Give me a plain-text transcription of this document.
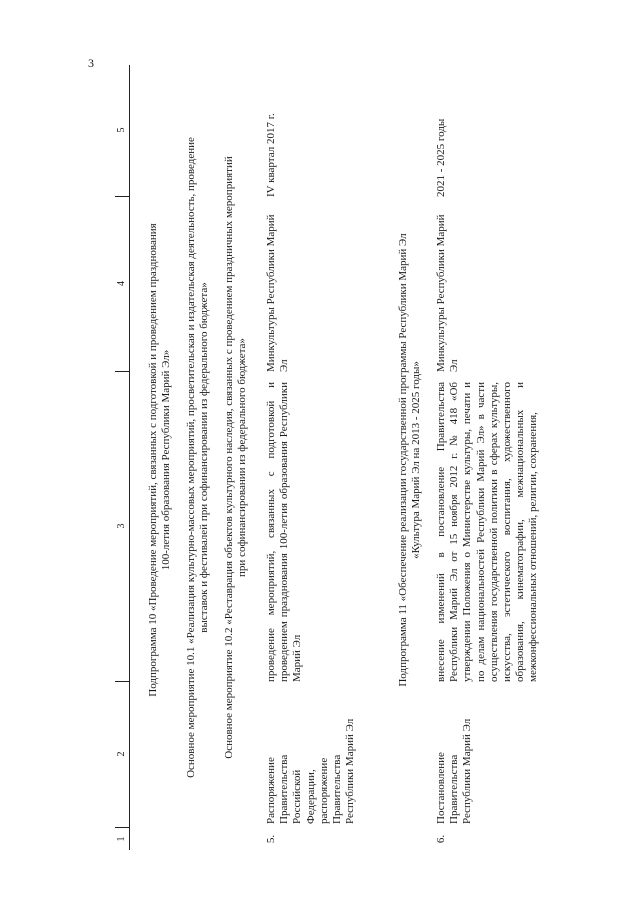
3
1
2
3
4
5
Подпрограмма 10 «Проведение мероприятий, связанных с подготовкой и проведением празднования 100-летия образования Республики Марий Эл» Основное мероприятие 10.1 «Реализация культурно-массовых мероприятий, просветительская и издательская деятельность, проведение выставок и фестивалей при софинансировании из федерального бюджета» Основное мероприятие 10.2 «Реставрация объектов культурного наследия, связанных с проведением праздничных мероприятий при софинансировании из федерального бюджета»
5.
Распоряжение Правительства Российской Федерации, распоряжение Правительства Республики Марий Эл
проведение мероприятий, связанных с подготовкой и проведением празднования 100-летия образования Республики Марий Эл
Минкультуры Республики Марий Эл
IV квартал 2017 г.
Подпрограмма 11 «Обеспечение реализации государственной программы Республики Марий Эл «Культура Марий Эл на 2013 - 2025 годы»
6.
Постановление Правительства Республики Марий Эл
внесение изменений в постановление Правительства Республики Марий Эл от 15 ноября 2012 г. № 418 «Об утверждении Положения о Министерстве культуры, печати и по делам национальностей Республики Марий Эл» в части осуществления государственной политики в сферах культуры, искусства, эстетического воспитания, художественного образования, кинематографии, межнациональных и межконфессиональных отношений, религии, сохранения,
Минкультуры Республики Марий Эл
2021 - 2025 годы
